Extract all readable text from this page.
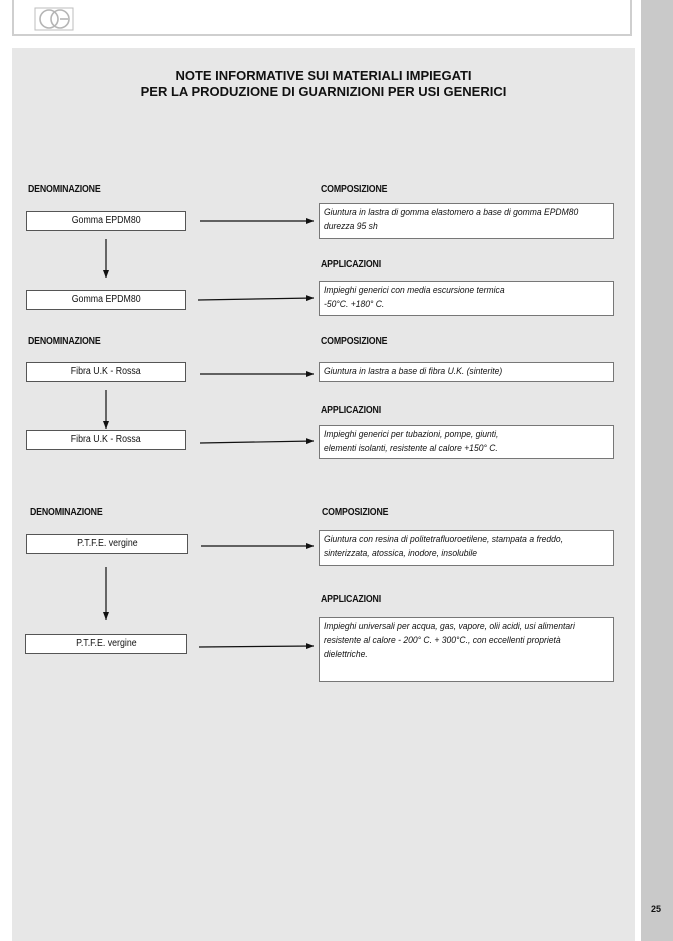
NOTE INFORMATIVE SUI MATERIALI IMPIEGATI
PER LA PRODUZIONE DI GUARNIZIONI PER USI GENERICI
DENOMINAZIONE	COMPOSIZIONE
Gomma EPDM80
Giuntura in lastra di gomma elastomero a base di gomma EPDM80
durezza 95 sh
APPLICAZIONI
Gomma EPDM80
Impieghi generici con media escursione termica
-50°C. +180° C.
DENOMINAZIONE	COMPOSIZIONE
Fibra U.K - Rossa	Giuntura in lastra a base di fibra U.K. (sinterite)
APPLICAZIONI
Fibra U.K - Rossa	Impieghi generici per tubazioni, pompe, giunti,
elementi isolanti, resistente al calore +150° C.
DENOMINAZIONE	COMPOSIZIONE
P.T.F.E. vergine	Giuntura con resina di politetrafluoroetilene, stampata a freddo,
sinterizzata, atossica, inodore, insolubile
APPLICAZIONI
P.T.F.E. vergine
Impieghi universali per acqua, gas, vapore, olii acidi, usi alimentari
resistente al calore - 200° C. + 300°C., con eccellenti proprietà
dielettriche.
25
